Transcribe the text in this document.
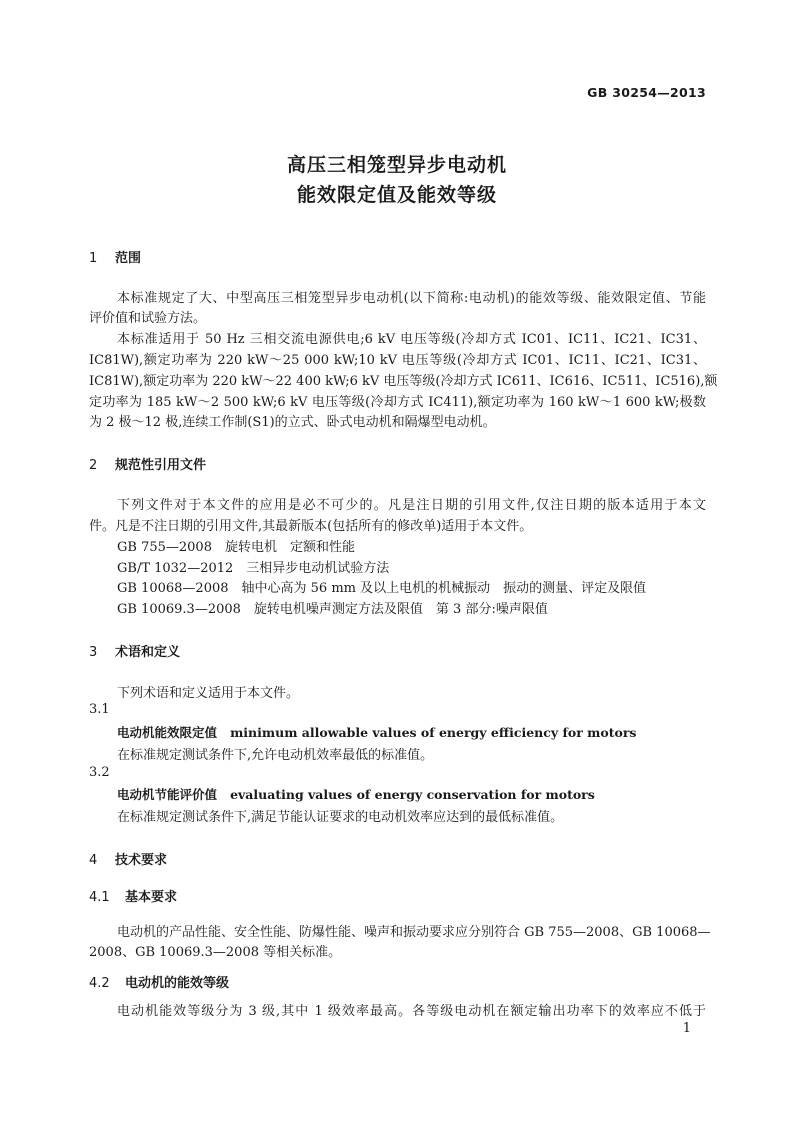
GB 30254—2013
高压三相笼型异步电动机
能效限定值及能效等级
1 范围
本标准规定了大、中型高压三相笼型异步电动机(以下简称:电动机)的能效等级、能效限定值、节能
评价值和试验方法。
本标准适用于 50 Hz 三相交流电源供电;6 kV 电压等级(冷却方式 IC01、IC11、IC21、IC31、
IC81W),额定功率为 220 kW～25 000 kW;10 kV 电压等级(冷却方式 IC01、IC11、IC21、IC31、
IC81W),额定功率为 220 kW～22 400 kW;6 kV 电压等级(冷却方式 IC611、IC616、IC511、IC516),额
定功率为 185 kW～2 500 kW;6 kV 电压等级(冷却方式 IC411),额定功率为 160 kW～1 600 kW;极数
为 2 极～12 极,连续工作制(S1)的立式、卧式电动机和隔爆型电动机。
2 规范性引用文件
下列文件对于本文件的应用是必不可少的。凡是注日期的引用文件,仅注日期的版本适用于本文
件。凡是不注日期的引用文件,其最新版本(包括所有的修改单)适用于本文件。
GB 755—2008　旋转电机　定额和性能
GB/T 1032—2012　三相异步电动机试验方法
GB 10068—2008　轴中心高为 56 mm 及以上电机的机械振动　振动的测量、评定及限值
GB 10069.3—2008　旋转电机噪声测定方法及限值　第 3 部分:噪声限值
3 术语和定义
下列术语和定义适用于本文件。
3.1
电动机能效限定值 minimum allowable values of energy efficiency for motors
在标准规定测试条件下,允许电动机效率最低的标准值。
3.2
电动机节能评价值 evaluating values of energy conservation for motors
在标准规定测试条件下,满足节能认证要求的电动机效率应达到的最低标准值。
4 技术要求
4.1 基本要求
电动机的产品性能、安全性能、防爆性能、噪声和振动要求应分别符合 GB 755—2008、GB 10068—
2008、GB 10069.3—2008 等相关标准。
4.2 电动机的能效等级
电动机能效等级分为 3 级,其中 1 级效率最高。各等级电动机在额定输出功率下的效率应不低于
1
